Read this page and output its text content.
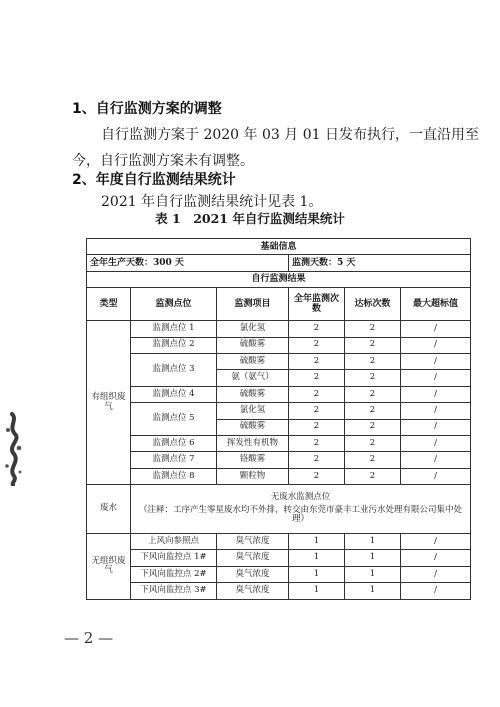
1、自行监测方案的调整
自行监测方案于 2020 年 03 月 01 日发布执行，一直沿用至
今，自行监测方案未有调整。
2、年度自行监测结果统计
2021 年自行监测结果统计见表 1。
表 1　2021 年自行监测结果统计
基础信息					
全年生产天数：300 天			监测天数：5 天		
自行监测结果					
类型	监测点位	监测项目	全年监测次数	达标次数	最大超标值
有组织废气	监测点位 1	氯化氢	2	2	/
	监测点位 2	硫酸雾	2	2	/
	监测点位 3	硫酸雾	2	2	/
		氨（氨气）	2	2	/
	监测点位 4	硫酸雾	2	2	/
	监测点位 5	氯化氢	2	2	/
		硫酸雾	2	2	/
	监测点位 6	挥发性有机物	2	2	/
	监测点位 7	铬酸雾	2	2	/
	监测点位 8	颗粒物	2	2	/
废水	无废水监测点位
（注释：工序产生零星废水均不外排，转交由东莞市豪丰工业污水处理有限公司集中处理）				

无组织废气	上风向参照点	臭气浓度	1	1	/
	下风向监控点 1#	臭气浓度	1	1	/
	下风向监控点 2#	臭气浓度	1	1	/
	下风向监控点 3#	臭气浓度	1	1	/
— 2 —
